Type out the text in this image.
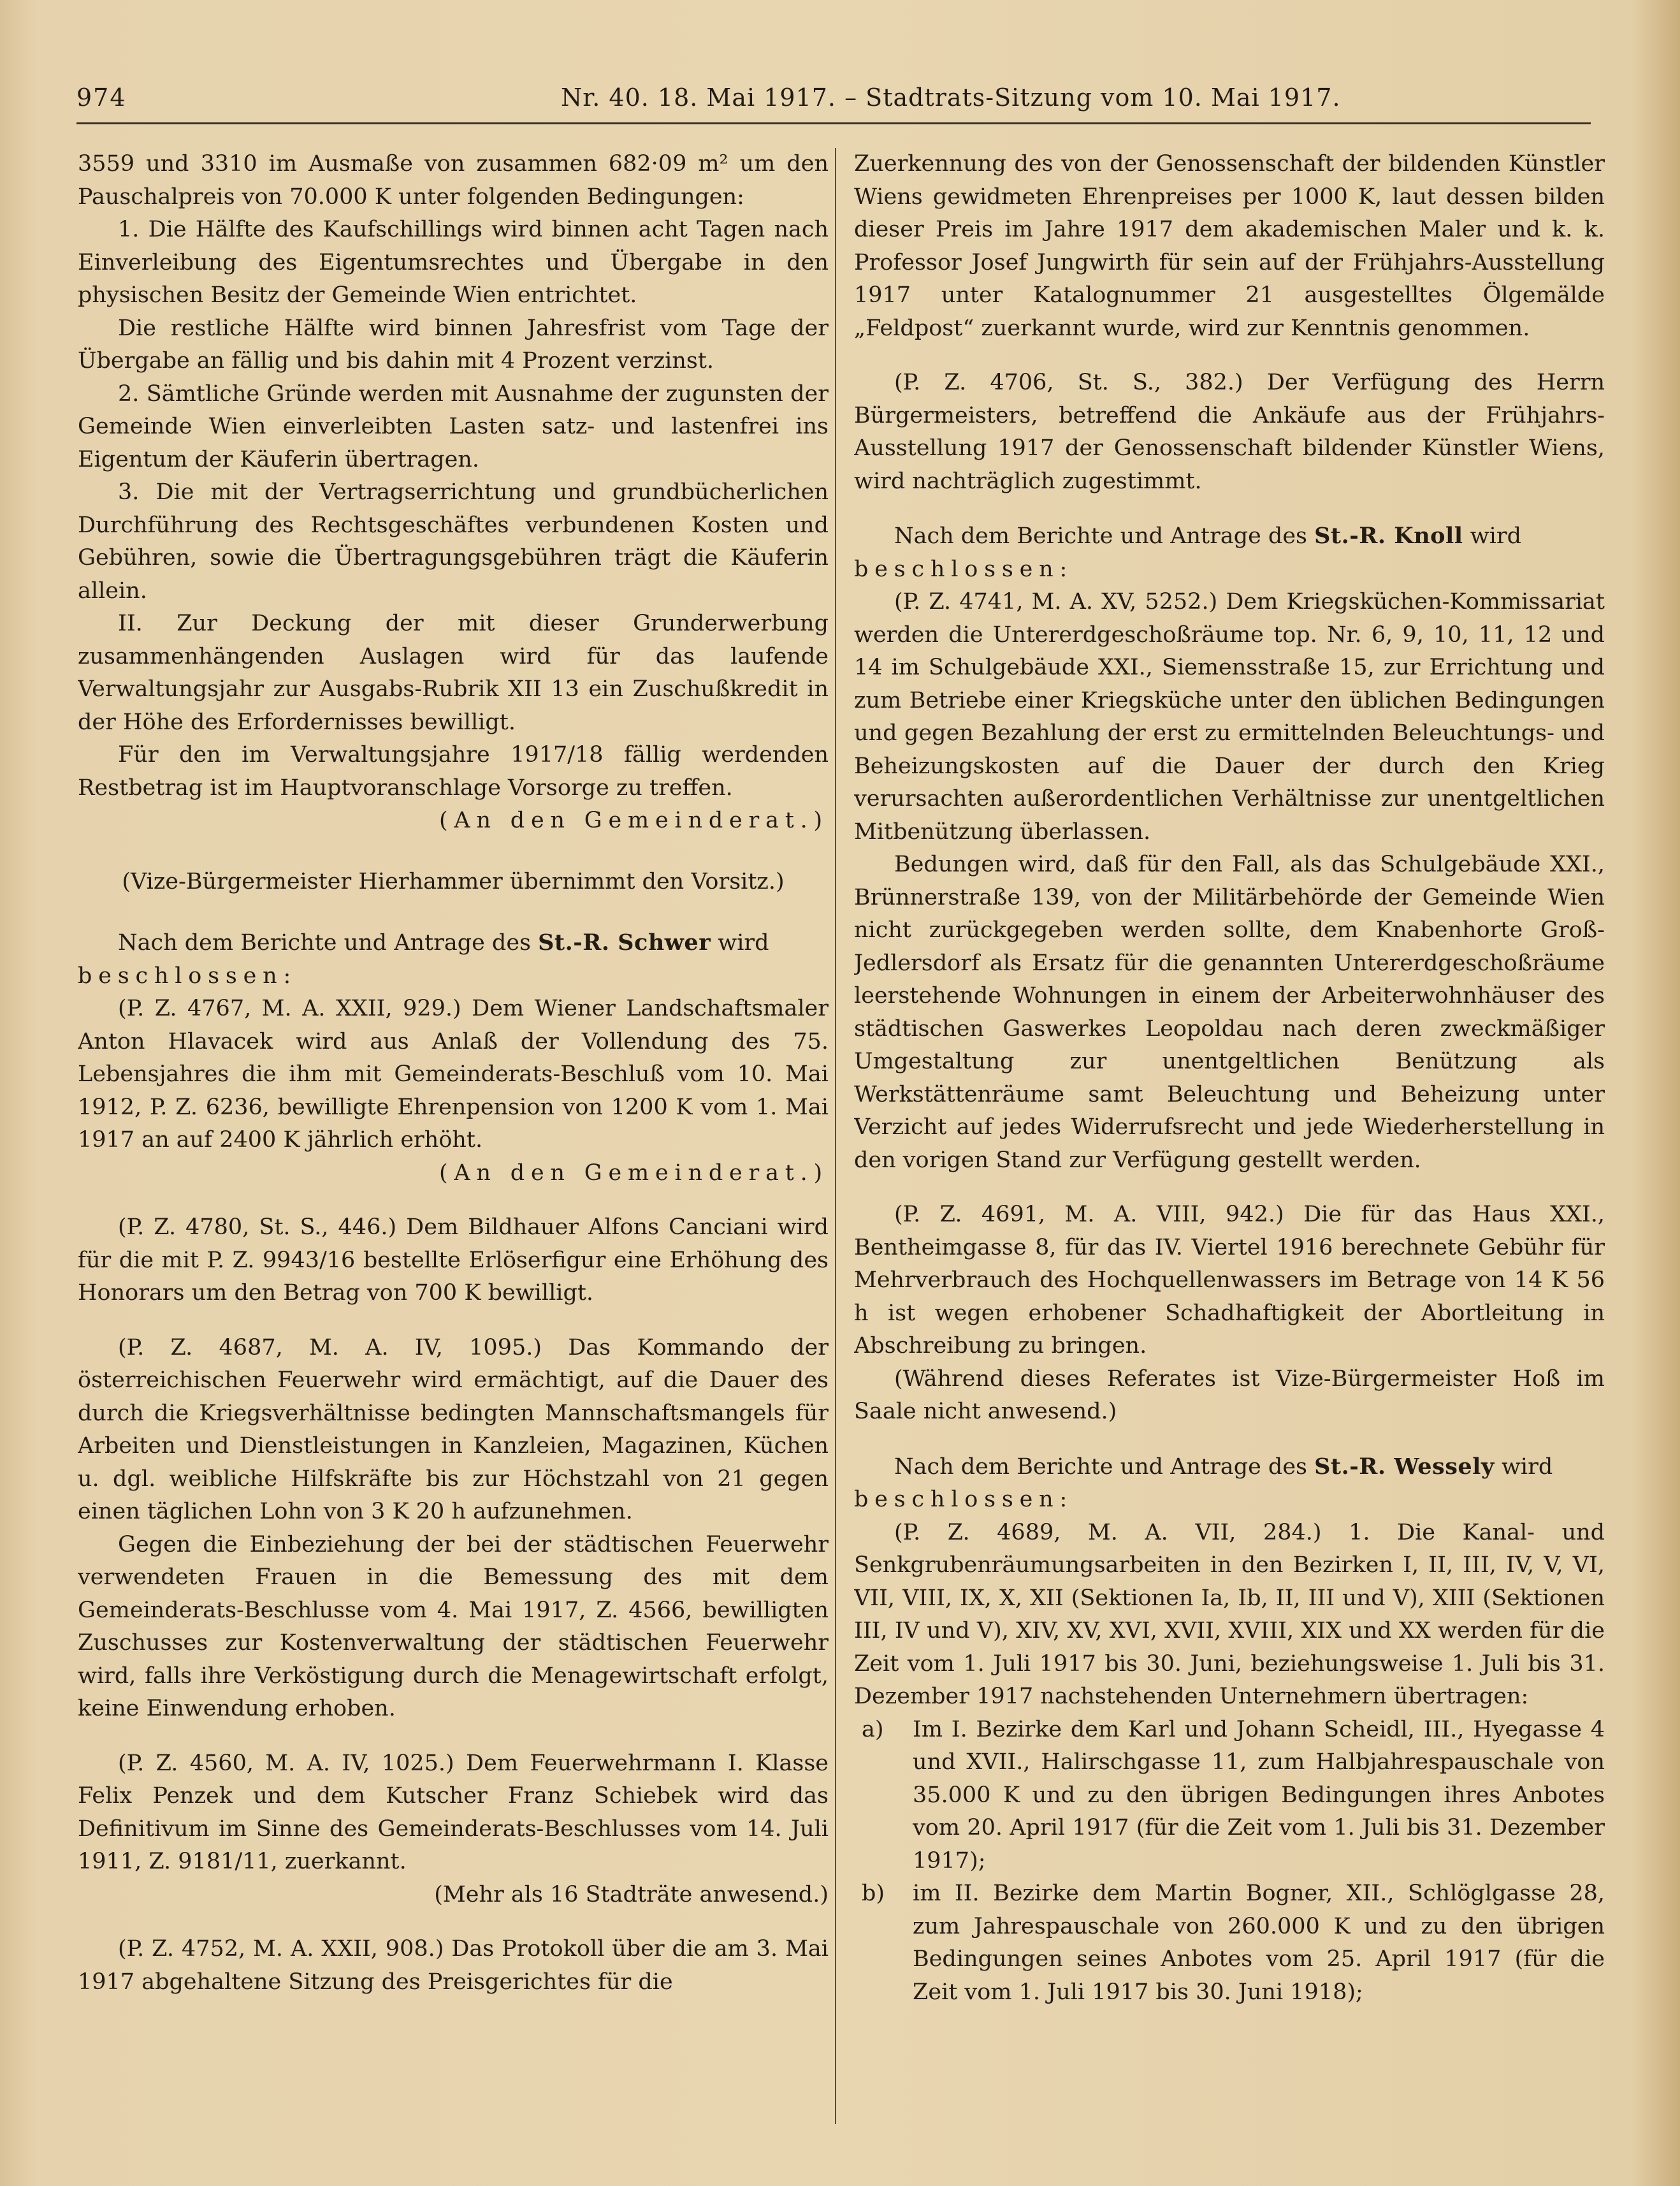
974	Nr. 40. 18. Mai 1917. – Stadtrats-Sitzung vom 10. Mai 1917.

3559 und 3310 im Ausmaße von zusammen 682·09 m² um den Pauschalpreis von 70.000 K unter folgenden Bedingungen:

1. Die Hälfte des Kaufschillings wird binnen acht Tagen nach Einverleibung des Eigentumsrechtes und Übergabe in den physischen Besitz der Gemeinde Wien entrichtet.

Die restliche Hälfte wird binnen Jahresfrist vom Tage der Übergabe an fällig und bis dahin mit 4 Prozent verzinst.

2. Sämtliche Gründe werden mit Ausnahme der zugunsten der Gemeinde Wien einverleibten Lasten satz- und lastenfrei ins Eigentum der Käuferin übertragen.

3. Die mit der Vertragserrichtung und grundbücherlichen Durchführung des Rechtsgeschäftes verbundenen Kosten und Gebühren, sowie die Übertragungsgebühren trägt die Käuferin allein.

II. Zur Deckung der mit dieser Grunderwerbung zusammenhängenden Auslagen wird für das laufende Verwaltungsjahr zur Ausgabs-Rubrik XII 13 ein Zuschußkredit in der Höhe des Erfordernisses bewilligt.

Für den im Verwaltungsjahre 1917/18 fällig werdenden Restbetrag ist im Hauptvoranschlage Vorsorge zu treffen.

(An den Gemeinderat.)

(Vize-Bürgermeister Hierhammer übernimmt den Vorsitz.)

Nach dem Berichte und Antrage des St.-R. Schwer wird

beschlossen:

(P. Z. 4767, M. A. XXII, 929.) Dem Wiener Landschaftsmaler Anton Hlavacek wird aus Anlaß der Vollendung des 75. Lebensjahres die ihm mit Gemeinderats-Beschluß vom 10. Mai 1912, P. Z. 6236, bewilligte Ehrenpension von 1200 K vom 1. Mai 1917 an auf 2400 K jährlich erhöht.

(An den Gemeinderat.)

(P. Z. 4780, St. S., 446.) Dem Bildhauer Alfons Canciani wird für die mit P. Z. 9943/16 bestellte Erlöserfigur eine Erhöhung des Honorars um den Betrag von 700 K bewilligt.

(P. Z. 4687, M. A. IV, 1095.) Das Kommando der österreichischen Feuerwehr wird ermächtigt, auf die Dauer des durch die Kriegsverhältnisse bedingten Mannschaftsmangels für Arbeiten und Dienstleistungen in Kanzleien, Magazinen, Küchen u. dgl. weibliche Hilfskräfte bis zur Höchstzahl von 21 gegen einen täglichen Lohn von 3 K 20 h aufzunehmen.

Gegen die Einbeziehung der bei der städtischen Feuerwehr verwendeten Frauen in die Bemessung des mit dem Gemeinderats-Beschlusse vom 4. Mai 1917, Z. 4566, bewilligten Zuschusses zur Kostenverwaltung der städtischen Feuerwehr wird, falls ihre Verköstigung durch die Menagewirtschaft erfolgt, keine Einwendung erhoben.

(P. Z. 4560, M. A. IV, 1025.) Dem Feuerwehrmann I. Klasse Felix Penzek und dem Kutscher Franz Schiebek wird das Definitivum im Sinne des Gemeinderats-Beschlusses vom 14. Juli 1911, Z. 9181/11, zuerkannt.

(Mehr als 16 Stadträte anwesend.)

(P. Z. 4752, M. A. XXII, 908.) Das Protokoll über die am 3. Mai 1917 abgehaltene Sitzung des Preisgerichtes für die

Zuerkennung des von der Genossenschaft der bildenden Künstler Wiens gewidmeten Ehrenpreises per 1000 K, laut dessen bilden dieser Preis im Jahre 1917 dem akademischen Maler und k. k. Professor Josef Jungwirth für sein auf der Frühjahrs-Ausstellung 1917 unter Katalognummer 21 ausgestelltes Ölgemälde „Feldpost“ zuerkannt wurde, wird zur Kenntnis genommen.

(P. Z. 4706, St. S., 382.) Der Verfügung des Herrn Bürgermeisters, betreffend die Ankäufe aus der Frühjahrs-Ausstellung 1917 der Genossenschaft bildender Künstler Wiens, wird nachträglich zugestimmt.

Nach dem Berichte und Antrage des St.-R. Knoll wird

beschlossen:

(P. Z. 4741, M. A. XV, 5252.) Dem Kriegsküchen-Kommissariat werden die Untererdgeschoßräume top. Nr. 6, 9, 10, 11, 12 und 14 im Schulgebäude XXI., Siemensstraße 15, zur Errichtung und zum Betriebe einer Kriegsküche unter den üblichen Bedingungen und gegen Bezahlung der erst zu ermittelnden Beleuchtungs- und Beheizungskosten auf die Dauer der durch den Krieg verursachten außerordentlichen Verhältnisse zur unentgeltlichen Mitbenützung überlassen.

Bedungen wird, daß für den Fall, als das Schulgebäude XXI., Brünnerstraße 139, von der Militärbehörde der Gemeinde Wien nicht zurückgegeben werden sollte, dem Knabenhorte Groß-Jedlersdorf als Ersatz für die genannten Untererdgeschoßräume leerstehende Wohnungen in einem der Arbeiterwohnhäuser des städtischen Gaswerkes Leopoldau nach deren zweckmäßiger Umgestaltung zur unentgeltlichen Benützung als Werkstättenräume samt Beleuchtung und Beheizung unter Verzicht auf jedes Widerrufsrecht und jede Wiederherstellung in den vorigen Stand zur Verfügung gestellt werden.

(P. Z. 4691, M. A. VIII, 942.) Die für das Haus XXI., Bentheimgasse 8, für das IV. Viertel 1916 berechnete Gebühr für Mehrverbrauch des Hochquellenwassers im Betrage von 14 K 56 h ist wegen erhobener Schadhaftigkeit der Abortleitung in Abschreibung zu bringen.

(Während dieses Referates ist Vize-Bürgermeister Hoß im Saale nicht anwesend.)

Nach dem Berichte und Antrage des St.-R. Wessely wird

beschlossen:

(P. Z. 4689, M. A. VII, 284.) 1. Die Kanal- und Senkgrubenräumungsarbeiten in den Bezirken I, II, III, IV, V, VI, VII, VIII, IX, X, XII (Sektionen Ia, Ib, II, III und V), XIII (Sektionen III, IV und V), XIV, XV, XVI, XVII, XVIII, XIX und XX werden für die Zeit vom 1. Juli 1917 bis 30. Juni, beziehungsweise 1. Juli bis 31. Dezember 1917 nachstehenden Unternehmern übertragen:

a)	Im I. Bezirke dem Karl und Johann Scheidl, III., Hyegasse 4 und XVII., Halirschgasse 11, zum Halbjahrespauschale von 35.000 K und zu den übrigen Bedingungen ihres Anbotes vom 20. April 1917 (für die Zeit vom 1. Juli bis 31. Dezember 1917);
b)	im II. Bezirke dem Martin Bogner, XII., Schlöglgasse 28, zum Jahrespauschale von 260.000 K und zu den übrigen Bedingungen seines Anbotes vom 25. April 1917 (für die Zeit vom 1. Juli 1917 bis 30. Juni 1918);
